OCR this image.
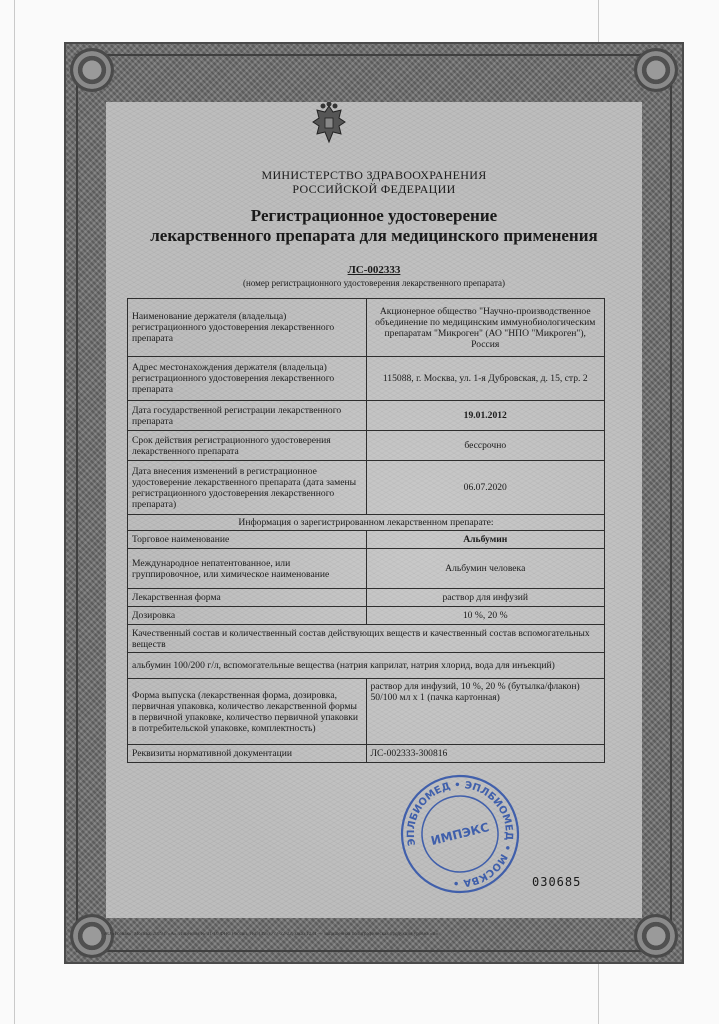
МИНИСТЕРСТВО ЗДРАВООХРАНЕНИЯ
РОССИЙСКОЙ ФЕДЕРАЦИИ
Регистрационное удостоверение
лекарственного препарата для медицинского применения
ЛС-002333
(номер регистрационного удостоверения лекарственного препарата)
Наименование держателя (владельца) регистрационного удостоверения лекарственного препарата	Акционерное общество "Научно-производственное объединение по медицинским иммунобиологическим препаратам "Микроген" (АО "НПО "Микроген"), Россия
Адрес местонахождения держателя (владельца) регистрационного удостоверения лекарственного препарата	115088, г. Москва, ул. 1-я Дубровская, д. 15, стр. 2
Дата государственной регистрации лекарственного препарата	19.01.2012
Срок действия регистрационного удостоверения лекарственного препарата	бессрочно
Дата внесения изменений в регистрационное удостоверение лекарственного препарата (дата замены регистрационного удостоверения лекарственного препарата)	06.07.2020
Информация о зарегистрированном лекарственном препарате:	
Торговое наименование	Альбумин
Международное непатентованное, или группировочное, или химическое наименование	Альбумин человека
Лекарственная форма	раствор для инфузий
Дозировка	10 %, 20 %
Качественный состав и количественный состав действующих веществ и качественный состав вспомогательных веществ	
альбумин 100/200 г/л, вспомогательные вещества (натрия каприлат, натрия хлорид, вода для инъекций)	
Форма выпуска (лекарственная форма, дозировка, первичная упаковка, количество лекарственной формы в первичной упаковке, количество первичной упаковки в потребительской упаковке, комплектность)	раствор для инфузий, 10 %, 20 % (бутылка/флакон) 50/100 мл х 1 (пачка картонная)
Реквизиты нормативной документации	ЛС-002333-300816
ЭПЛБИОМЕД • ЭПЛБИОМЕД • МОСКВА •
ИМПЭКС
030685
АО «Гознак», Москва, 2019 г. «А». Лицензия № 31-10 ФНС России, тел. (495) 777-22-22, заказ 1234 — защищённая полиграфическая продукция уровня «В»
